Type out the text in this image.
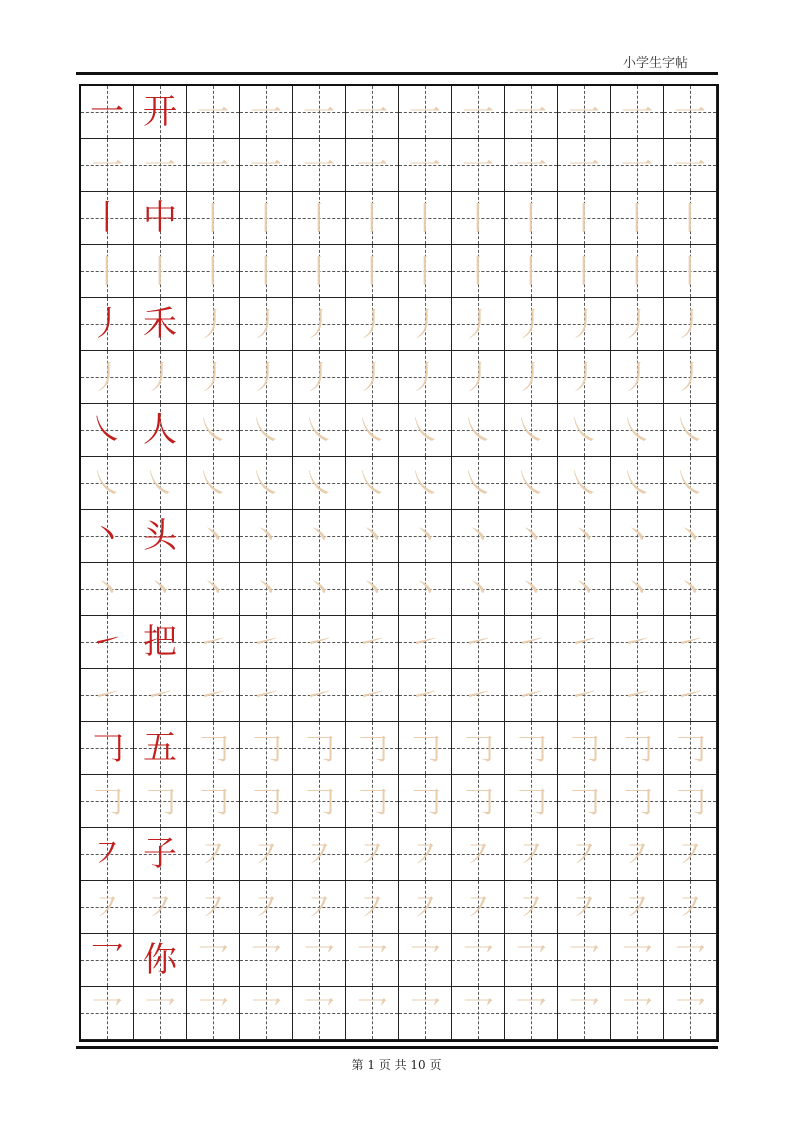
小学生字帖
一 开 一 一 一 一 一 一 一 一 一 一
一 一 一 一 一 一 一 一 一 一 一 一
丨 中 丨 丨 丨 丨 丨 丨 丨 丨 丨 丨
丨 丨 丨 丨 丨 丨 丨 丨 丨 丨 丨 丨
丿 禾 丿 丿 丿 丿 丿 丿 丿 丿 丿 丿
丿 丿 丿 丿 丿 丿 丿 丿 丿 丿 丿 丿
㇏ 人 ㇏ ㇏ ㇏ ㇏ ㇏ ㇏ ㇏ ㇏ ㇏ ㇏
㇏ ㇏ ㇏ ㇏ ㇏ ㇏ ㇏ ㇏ ㇏ ㇏ ㇏ ㇏
丶 头 丶 丶 丶 丶 丶 丶 丶 丶 丶 丶
丶 丶 丶 丶 丶 丶 丶 丶 丶 丶 丶 丶
㇀ 把 ㇀ ㇀ ㇀ ㇀ ㇀ ㇀ ㇀ ㇀ ㇀ ㇀
㇀ ㇀ ㇀ ㇀ ㇀ ㇀ ㇀ ㇀ ㇀ ㇀ ㇀ ㇀
𠃌 五 𠃌 𠃌 𠃌 𠃌 𠃌 𠃌 𠃌 𠃌 𠃌 𠃌
𠃌 𠃌 𠃌 𠃌 𠃌 𠃌 𠃌 𠃌 𠃌 𠃌 𠃌 𠃌
㇇ 子 ㇇ ㇇ ㇇ ㇇ ㇇ ㇇ ㇇ ㇇ ㇇ ㇇
㇇ ㇇ ㇇ ㇇ ㇇ ㇇ ㇇ ㇇ ㇇ ㇇ ㇇ ㇇
乛 你 乛 乛 乛 乛 乛 乛 乛 乛 乛 乛
乛 乛 乛 乛 乛 乛 乛 乛 乛 乛 乛 乛
第 1 页 共 10 页
